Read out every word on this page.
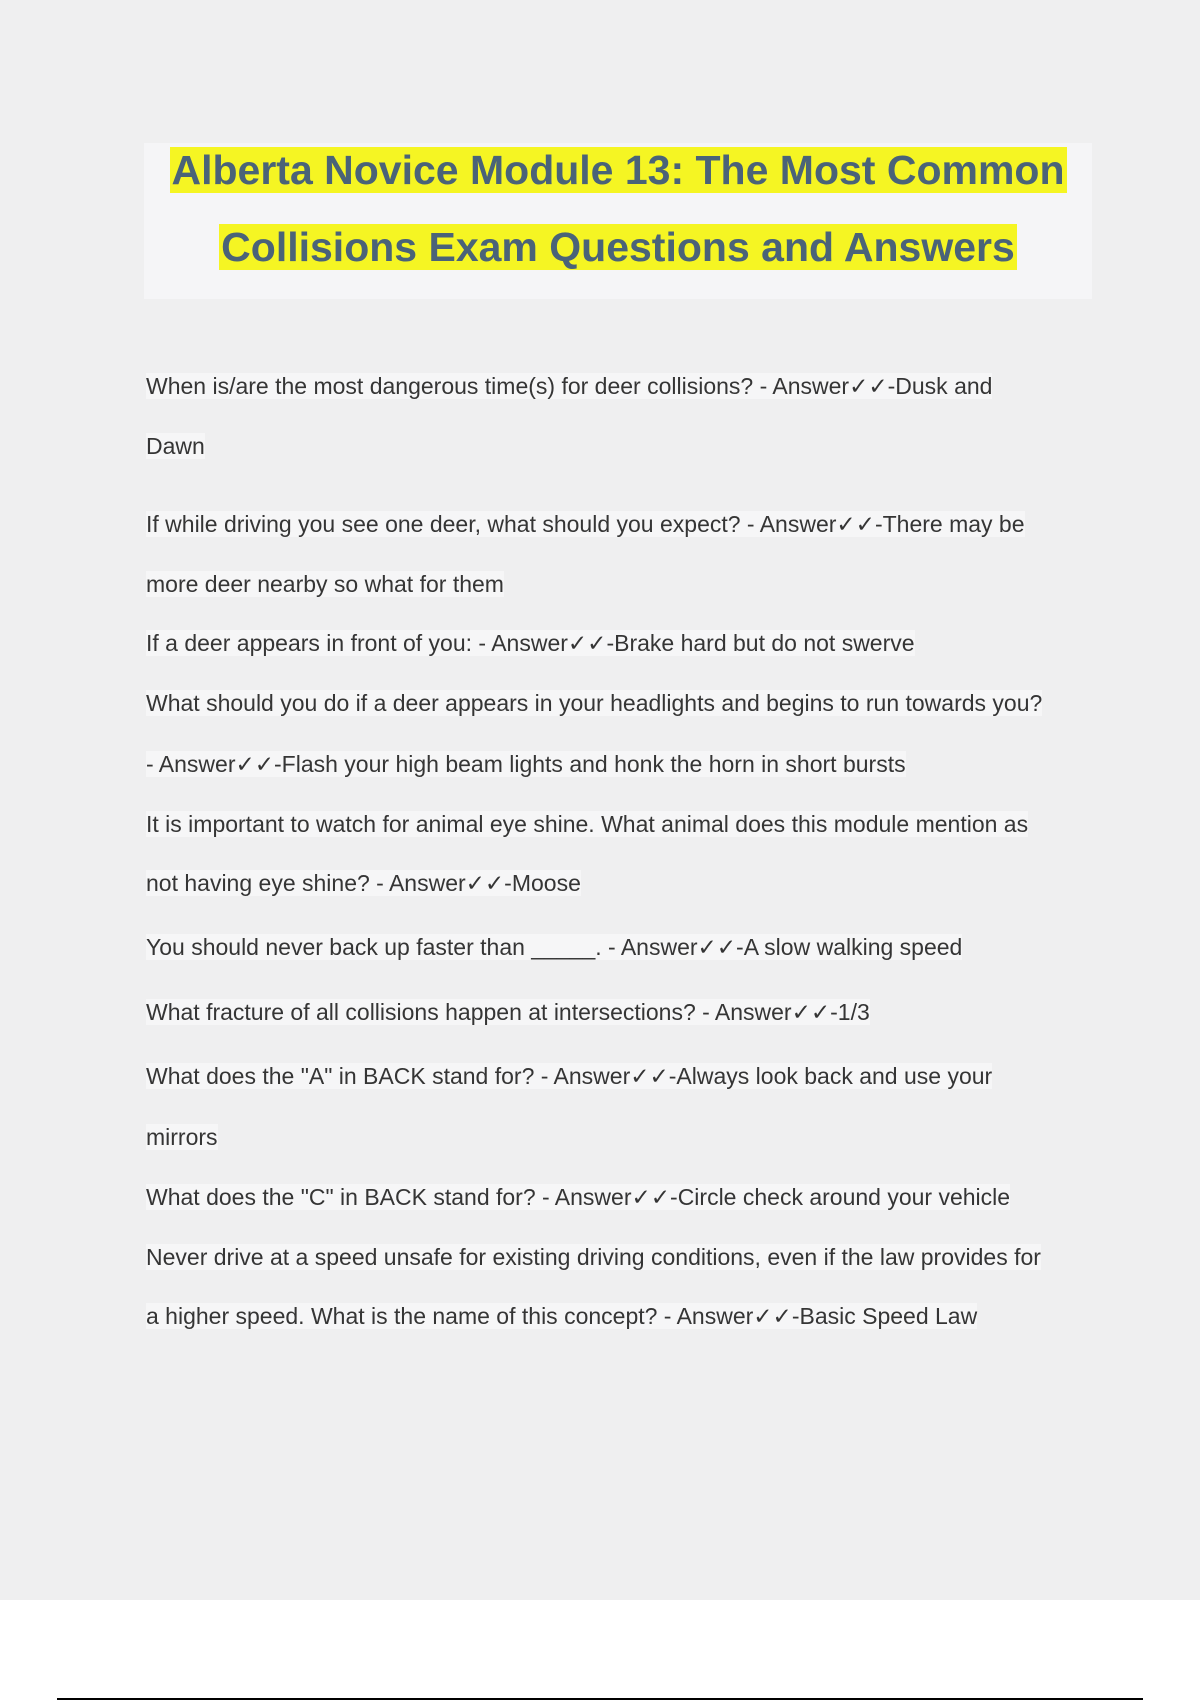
Alberta Novice Module 13: The Most Common
Collisions Exam Questions and Answers
When is/are the most dangerous time(s) for deer collisions? - Answer✓✓-Dusk and
Dawn
If while driving you see one deer, what should you expect? - Answer✓✓-There may be
more deer nearby so what for them
If a deer appears in front of you: - Answer✓✓-Brake hard but do not swerve
What should you do if a deer appears in your headlights and begins to run towards you?
- Answer✓✓-Flash your high beam lights and honk the horn in short bursts
It is important to watch for animal eye shine. What animal does this module mention as
not having eye shine? - Answer✓✓-Moose
You should never back up faster than _____. - Answer✓✓-A slow walking speed
What fracture of all collisions happen at intersections? - Answer✓✓-1/3
What does the "A" in BACK stand for? - Answer✓✓-Always look back and use your
mirrors
What does the "C" in BACK stand for? - Answer✓✓-Circle check around your vehicle
Never drive at a speed unsafe for existing driving conditions, even if the law provides for
a higher speed. What is the name of this concept? - Answer✓✓-Basic Speed Law
